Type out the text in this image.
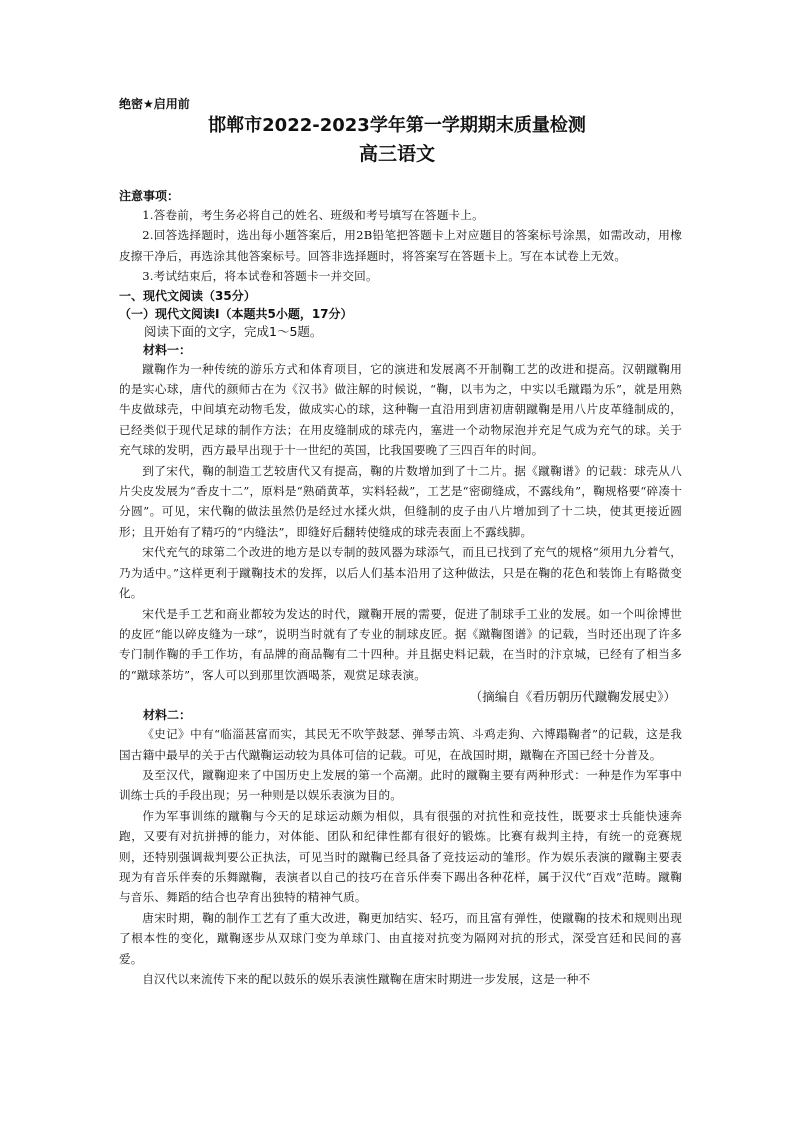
绝密★启用前
邯郸市2022-2023学年第一学期期末质量检测
高三语文

注意事项：

1.答卷前，考生务必将自己的姓名、班级和考号填写在答题卡上。

2.回答选择题时，选出每小题答案后，用2B铅笔把答题卡上对应题目的答案标号涂黑，如需改动，用橡皮擦干净后，再选涂其他答案标号。回答非选择题时，将答案写在答题卡上。写在本试卷上无效。

3.考试结束后，将本试卷和答题卡一并交回。

一、现代文阅读（35分）

（一）现代文阅读Ⅰ（本题共5小题，17分）

阅读下面的文字，完成1～5题。

材料一：

蹴鞠作为一种传统的游乐方式和体育项目，它的演进和发展离不开制鞠工艺的改进和提高。汉朝蹴鞠用的是实心球，唐代的颜师古在为《汉书》做注解的时候说，“鞠，以韦为之，中实以毛蹴蹋为乐”，就是用熟牛皮做球壳，中间填充动物毛发，做成实心的球，这种鞠一直沿用到唐初唐朝蹴鞠是用八片皮革缝制成的，已经类似于现代足球的制作方法；在用皮缝制成的球壳内，塞进一个动物尿泡并充足气成为充气的球。关于充气球的发明，西方最早出现于十一世纪的英国，比我国要晚了三四百年的时间。

到了宋代，鞠的制造工艺较唐代又有提高，鞠的片数增加到了十二片。据《蹴鞠谱》的记载：球壳从八片尖皮发展为“香皮十二”，原料是“熟硝黄革，实料轻裁”，工艺是“密砌缝成，不露线角”，鞠规格要“碎凑十分圆”。可见，宋代鞠的做法虽然仍是经过水揉火烘，但缝制的皮子由八片增加到了十二块，使其更接近圆形；且开始有了精巧的“内缝法”，即缝好后翻转使缝成的球壳表面上不露线脚。

宋代充气的球第二个改进的地方是以专制的鼓风器为球添气，而且已找到了充气的规格“须用九分着气，乃为适中。”这样更利于蹴鞠技术的发挥，以后人们基本沿用了这种做法，只是在鞠的花色和装饰上有略微变化。

宋代是手工艺和商业都较为发达的时代，蹴鞠开展的需要，促进了制球手工业的发展。如一个叫徐博世的皮匠“能以碎皮缝为一球”，说明当时就有了专业的制球皮匠。据《蹴鞠图谱》的记载，当时还出现了许多专门制作鞠的手工作坊，有品牌的商品鞠有二十四种。并且据史料记载，在当时的汴京城，已经有了相当多的“蹴球茶坊”，客人可以到那里饮酒喝茶，观赏足球表演。

（摘编自《看历朝历代蹴鞠发展史》）

材料二：

《史记》中有“临淄甚富而实，其民无不吹竽鼓瑟、弹琴击筑、斗鸡走狗、六博蹋鞠者”的记载，这是我国古籍中最早的关于古代蹴鞠运动较为具体可信的记载。可见，在战国时期，蹴鞠在齐国已经十分普及。

及至汉代，蹴鞠迎来了中国历史上发展的第一个高潮。此时的蹴鞠主要有两种形式：一种是作为军事中训练士兵的手段出现；另一种则是以娱乐表演为目的。

作为军事训练的蹴鞠与今天的足球运动颇为相似，具有很强的对抗性和竞技性，既要求士兵能快速奔跑，又要有对抗拼搏的能力，对体能、团队和纪律性都有很好的锻炼。比赛有裁判主持，有统一的竞赛规则，还特别强调裁判要公正执法，可见当时的蹴鞠已经具备了竞技运动的雏形。作为娱乐表演的蹴鞠主要表现为有音乐伴奏的乐舞蹴鞠，表演者以自己的技巧在音乐伴奏下踢出各种花样，属于汉代“百戏”范畴。蹴鞠与音乐、舞蹈的结合也孕育出独特的精神气质。

唐宋时期，鞠的制作工艺有了重大改进，鞠更加结实、轻巧，而且富有弹性，使蹴鞠的技术和规则出现了根本性的变化，蹴鞠逐步从双球门变为单球门、由直接对抗变为隔网对抗的形式，深受宫廷和民间的喜爱。

自汉代以来流传下来的配以鼓乐的娱乐表演性蹴鞠在唐宋时期进一步发展，这是一种不
